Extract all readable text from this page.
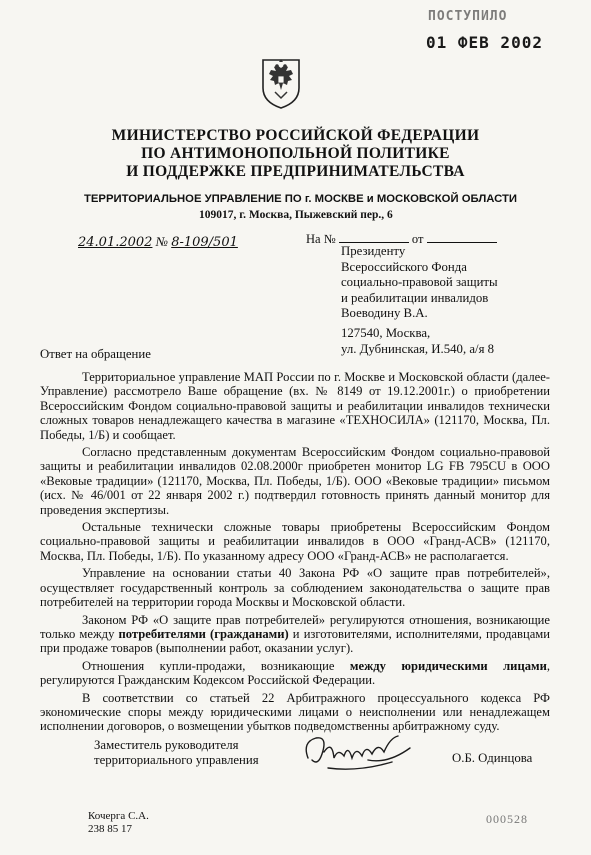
ПОСТУПИЛО
01 ФЕВ 2002
МИНИСТЕРСТВО РОССИЙСКОЙ ФЕДЕРАЦИИ
ПО АНТИМОНОПОЛЬНОЙ ПОЛИТИКЕ
И ПОДДЕРЖКЕ ПРЕДПРИНИМАТЕЛЬСТВА
ТЕРРИТОРИАЛЬНОЕ УПРАВЛЕНИЕ ПО г. МОСКВЕ и МОСКОВСКОЙ ОБЛАСТИ
109017, г. Москва, Пыжевский пер., 6
24.01.2002 № 8-109/501	На №	от
Президенту
Всероссийского Фонда
социально-правовой защиты
и реабилитации инвалидов
Воеводину В.А.
127540, Москва,
ул. Дубнинская, И.540, а/я 8
Ответ на обращение

Территориальное управление МАП России по г. Москве и Московской области (далее-Управление) рассмотрело Ваше обращение (вх. № 8149 от 19.12.2001г.) о приобретении Всероссийским Фондом социально-правовой защиты и реабилитации инвалидов технически сложных товаров ненадлежащего качества в магазине «ТЕХНОСИЛА» (121170, Москва, Пл. Победы, 1/Б) и сообщает.

Согласно представленным документам Всероссийским Фондом социально-правовой защиты и реабилитации инвалидов 02.08.2000г приобретен монитор LG FB 795CU в ООО «Вековые традиции» (121170, Москва, Пл. Победы, 1/Б). ООО «Вековые традиции» письмом (исх. № 46/001 от 22 января 2002 г.) подтвердил готовность принять данный монитор для проведения экспертизы.

Остальные технически сложные товары приобретены Всероссийским Фондом социально-правовой защиты и реабилитации инвалидов в ООО «Гранд-АСВ» (121170, Москва, Пл. Победы, 1/Б). По указанному адресу ООО «Гранд-АСВ» не располагается.

Управление на основании статьи 40 Закона РФ «О защите прав потребителей», осуществляет государственный контроль за соблюдением законодательства о защите прав потребителей на территории города Москвы и Московской области.

Законом РФ «О защите прав потребителей» регулируются отношения, возникающие только между потребителями (гражданами) и изготовителями, исполнителями, продавцами при продаже товаров (выполнении работ, оказании услуг).

Отношения купли-продажи, возникающие между юридическими лицами, регулируются Гражданским Кодексом Российской Федерации.

В соответствии со статьей 22 Арбитражного процессуального кодекса РФ экономические споры между юридическими лицами о неисполнении или ненадлежащем исполнении договоров, о возмещении убытков подведомственны арбитражному суду.

Заместитель руководителя
территориального управления	О.Б. Одинцова
Кочерга С.А.
238 85 17
000528
